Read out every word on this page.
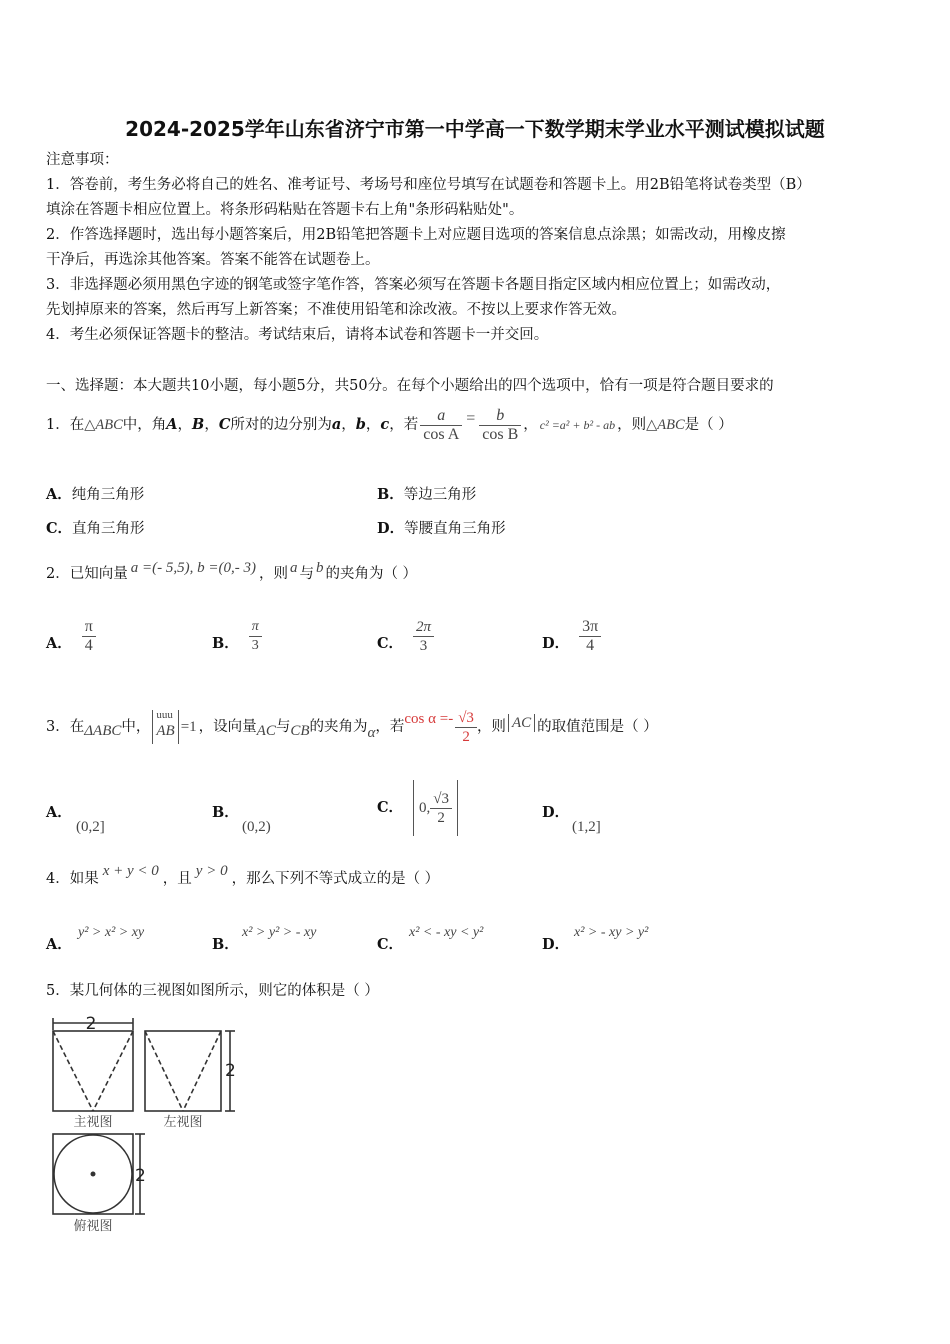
2024-2025学年山东省济宁市第一中学高一下数学期末学业水平测试模拟试题
注意事项：
1．答卷前，考生务必将自己的姓名、准考证号、考场号和座位号填写在试题卷和答题卡上。用2B铅笔将试卷类型（B）
填涂在答题卡相应位置上。将条形码粘贴在答题卡右上角"条形码粘贴处"。
2．作答选择题时，选出每小题答案后，用2B铅笔把答题卡上对应题目选项的答案信息点涂黑；如需改动，用橡皮擦
干净后，再选涂其他答案。答案不能答在试题卷上。
3．非选择题必须用黑色字迹的钢笔或签字笔作答，答案必须写在答题卡各题目指定区域内相应位置上；如需改动，
先划掉原来的答案，然后再写上新答案；不准使用铅笔和涂改液。不按以上要求作答无效。
4．考生必须保证答题卡的整洁。考试结束后，请将本试卷和答题卡一并交回。
一、选择题：本大题共10小题，每小题5分，共50分。在每个小题给出的四个选项中，恰有一项是符合题目要求的
1．在 △ABC 中，角 A ， B ， C 所对的边分别为 a ， b ， c ，若 $\frac{a}{\text{cos A}} = \frac{b}{\text{cos B}}$ ， c² =a² + b² - ab ，则 △ABC 是（ ）
A．纯角三角形	B．等边三角形
C．直角三角形	D．等腰直角三角形
2．已知向量 a =(- 5,5), b =(0,- 3) ，则 a 与 b 的夹角为（ ）
A． $\frac{\pi}{4}$	B． $\frac{\pi}{3}$	C． $\frac{2\pi}{3}$	D． $\frac{3\pi}{4}$
3．在 ΔABC 中，
uuu
AB =1 ，设向量 AC 与 CB 的夹角为 α ，若 $\cos \alpha =- \frac{√3}{2}$ ，则 AC 的取值范围是（ ）
A．
(0,2]
B．
(0,2)
C． 0, $\frac{√3}{2}$	D．
(1,2]
4．如果 x + y < 0 ，且 y > 0 ，那么下列不等式成立的是（ ）
A．
y² > x² > xy
B．
x² > y² > - xy
C．
x² < - xy < y²
D．
x² > - xy > y²
5．某几何体的三视图如图所示，则它的体积是（ ）
2
2
2
主视图	左视图
俯视图
